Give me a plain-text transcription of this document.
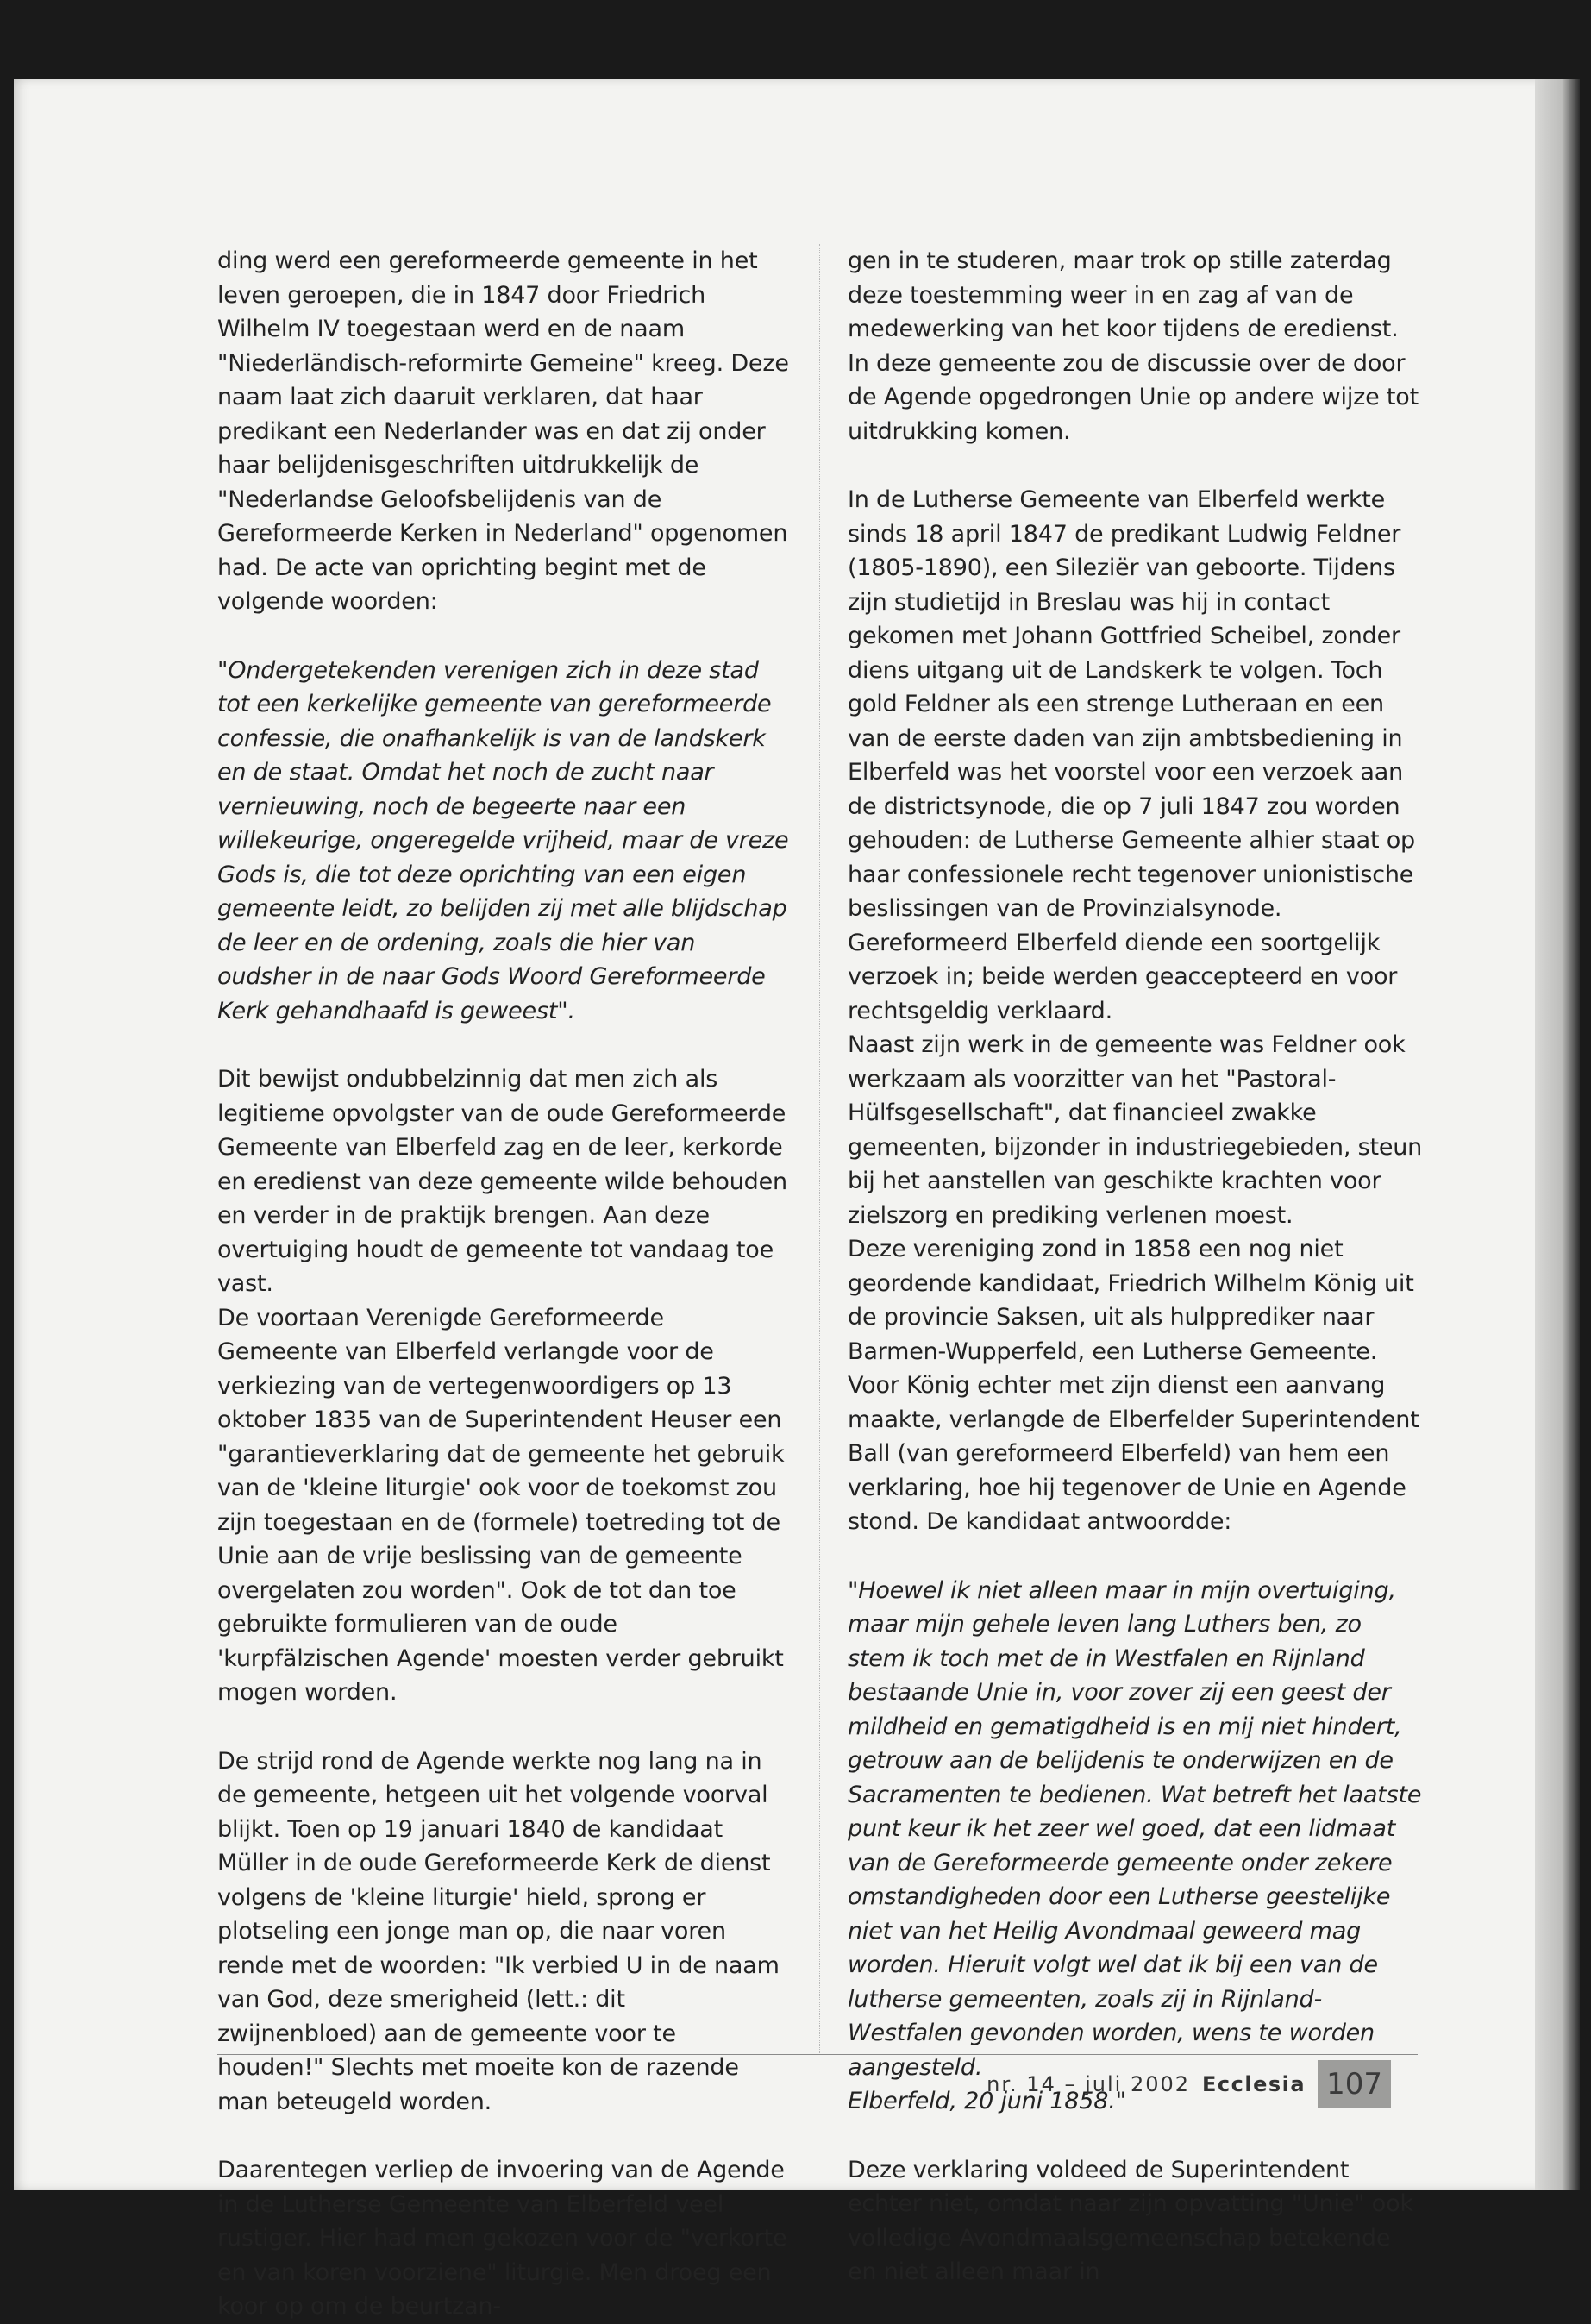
ding werd een gereformeerde gemeente in het leven geroepen, die in 1847 door Friedrich Wilhelm IV toegestaan werd en de naam "Niederländisch-reformirte Gemeine" kreeg. Deze naam laat zich daaruit verklaren, dat haar predikant een Nederlander was en dat zij onder haar belijdenisgeschriften uitdrukkelijk de "Nederlandse Geloofsbelijdenis van de Gereformeerde Kerken in Nederland" opgenomen had. De acte van oprichting begint met de volgende woorden:

"Ondergetekenden verenigen zich in deze stad tot een kerkelijke gemeente van gereformeerde confessie, die onafhankelijk is van de landskerk en de staat. Omdat het noch de zucht naar vernieuwing, noch de begeerte naar een willekeurige, ongeregelde vrijheid, maar de vreze Gods is, die tot deze oprichting van een eigen gemeente leidt, zo belijden zij met alle blijdschap de leer en de ordening, zoals die hier van oudsher in de naar Gods Woord Gereformeerde Kerk gehandhaafd is geweest".

Dit bewijst ondubbelzinnig dat men zich als legitieme opvolgster van de oude Gereformeerde Gemeente van Elberfeld zag en de leer, kerkorde en eredienst van deze gemeente wilde behouden en verder in de praktijk brengen. Aan deze overtuiging houdt de gemeente tot vandaag toe vast.

De voortaan Verenigde Gereformeerde Gemeente van Elberfeld verlangde voor de verkiezing van de vertegenwoordigers op 13 oktober 1835 van de Superintendent Heuser een "garantieverklaring dat de gemeente het gebruik van de 'kleine liturgie' ook voor de toekomst zou zijn toegestaan en de (formele) toetreding tot de Unie aan de vrije beslissing van de gemeente overgelaten zou worden". Ook de tot dan toe gebruikte formulieren van de oude 'kurpfälzischen Agende' moesten verder gebruikt mogen worden.

De strijd rond de Agende werkte nog lang na in de gemeente, hetgeen uit het volgende voorval blijkt. Toen op 19 januari 1840 de kandidaat Müller in de oude Gereformeerde Kerk de dienst volgens de 'kleine liturgie' hield, sprong er plotseling een jonge man op, die naar voren rende met de woorden: "Ik verbied U in de naam van God, deze smerigheid (lett.: dit zwijnenbloed) aan de gemeente voor te houden!" Slechts met moeite kon de razende man beteugeld worden.

Daarentegen verliep de invoering van de Agende in de Lutherse Gemeente van Elberfeld veel rustiger. Hier had men gekozen voor de "verkorte en van koren voorziene" liturgie. Men droeg een koor op om de beurtzan-

gen in te studeren, maar trok op stille zaterdag deze toestemming weer in en zag af van de medewerking van het koor tijdens de eredienst. In deze gemeente zou de discussie over de door de Agende opgedrongen Unie op andere wijze tot uitdrukking komen.

In de Lutherse Gemeente van Elberfeld werkte sinds 18 april 1847 de predikant Ludwig Feldner (1805-1890), een Sileziër van geboorte. Tijdens zijn studietijd in Breslau was hij in contact gekomen met Johann Gottfried Scheibel, zonder diens uitgang uit de Landskerk te volgen. Toch gold Feldner als een strenge Lutheraan en een van de eerste daden van zijn ambtsbediening in Elberfeld was het voorstel voor een verzoek aan de districtsynode, die op 7 juli 1847 zou worden gehouden: de Lutherse Gemeente alhier staat op haar confessionele recht tegenover unionistische beslissingen van de Provinzialsynode. Gereformeerd Elberfeld diende een soortgelijk verzoek in; beide werden geaccepteerd en voor rechtsgeldig verklaard.

Naast zijn werk in de gemeente was Feldner ook werkzaam als voorzitter van het "Pastoral-Hülfsgesellschaft", dat financieel zwakke gemeenten, bijzonder in industriegebieden, steun bij het aanstellen van geschikte krachten voor zielszorg en prediking verlenen moest.

Deze vereniging zond in 1858 een nog niet geordende kandidaat, Friedrich Wilhelm König uit de provincie Saksen, uit als hulpprediker naar Barmen-Wupperfeld, een Lutherse Gemeente. Voor König echter met zijn dienst een aanvang maakte, verlangde de Elberfelder Superintendent Ball (van gereformeerd Elberfeld) van hem een verklaring, hoe hij tegenover de Unie en Agende stond. De kandidaat antwoordde:

"Hoewel ik niet alleen maar in mijn overtuiging, maar mijn gehele leven lang Luthers ben, zo stem ik toch met de in Westfalen en Rijnland bestaande Unie in, voor zover zij een geest der mildheid en gematigdheid is en mij niet hindert, getrouw aan de belijdenis te onderwijzen en de Sacramenten te bedienen. Wat betreft het laatste punt keur ik het zeer wel goed, dat een lidmaat van de Gereformeerde gemeente onder zekere omstandigheden door een Lutherse geestelijke niet van het Heilig Avondmaal geweerd mag worden. Hieruit volgt wel dat ik bij een van de lutherse gemeenten, zoals zij in Rijnland-Westfalen gevonden worden, wens te worden aangesteld.

Elberfeld, 20 juni 1858."

Deze verklaring voldeed de Superintendent echter niet, omdat naar zijn opvatting "Unie" ook volledige Avondmaalsgemeenschap betekende en niet alleen maar in

nr. 14 – juli 2002 Ecclesia 107
